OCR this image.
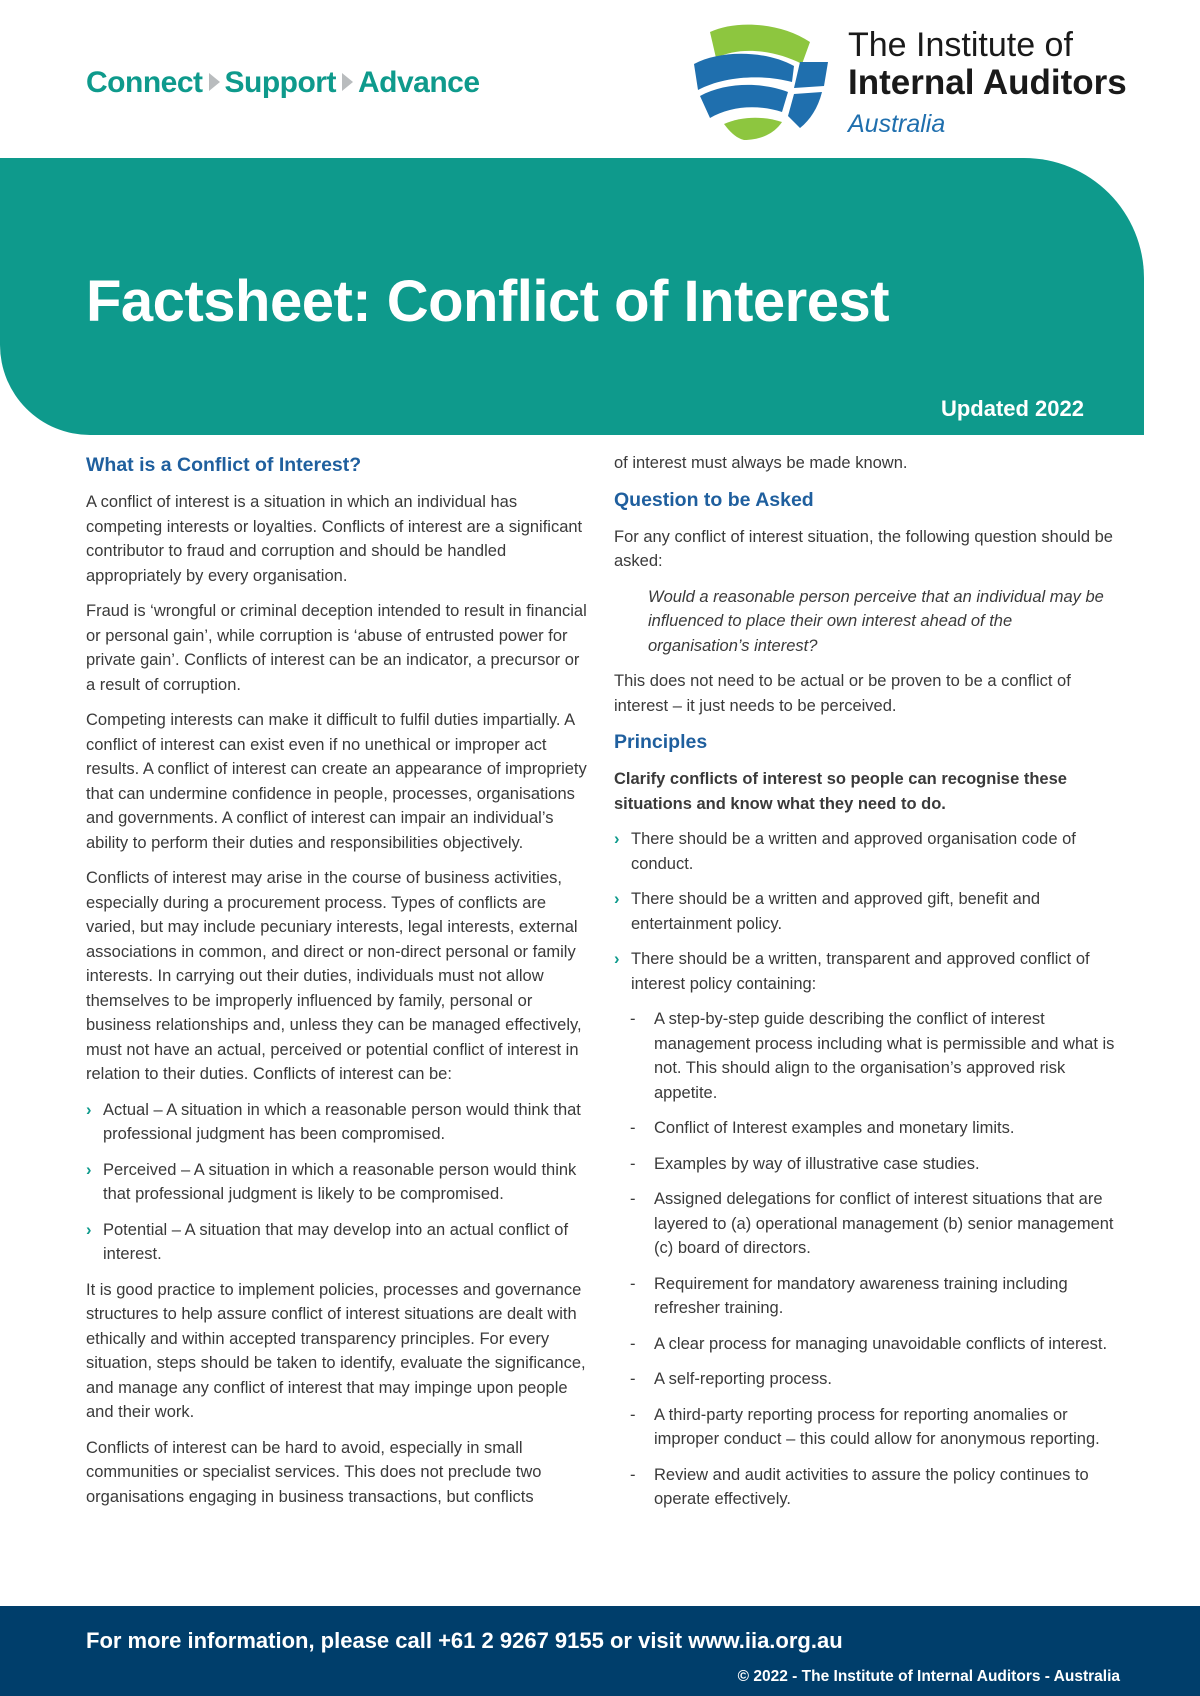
Connect Support Advance
The Institute of
Internal Auditors
Australia
Factsheet: Conflict of Interest
Updated 2022
What is a Conflict of Interest?

A conflict of interest is a situation in which an individual has competing interests or loyalties. Conflicts of interest are a significant contributor to fraud and corruption and should be handled appropriately by every organisation.

Fraud is ‘wrongful or criminal deception intended to result in financial or personal gain’, while corruption is ‘abuse of entrusted power for private gain’. Conflicts of interest can be an indicator, a precursor or a result of corruption.

Competing interests can make it difficult to fulfil duties impartially. A conflict of interest can exist even if no unethical or improper act results. A conflict of interest can create an appearance of impropriety that can undermine confidence in people, processes, organisations and governments. A conflict of interest can impair an individual’s ability to perform their duties and responsibilities objectively.

Conflicts of interest may arise in the course of business activities, especially during a procurement process. Types of conflicts are varied, but may include pecuniary interests, legal interests, external associations in common, and direct or non-direct personal or family interests. In carrying out their duties, individuals must not allow themselves to be improperly influenced by family, personal or business relationships and, unless they can be managed effectively, must not have an actual, perceived or potential conflict of interest in relation to their duties. Conflicts of interest can be:

› Actual – A situation in which a reasonable person would think that professional judgment has been compromised.
› Perceived – A situation in which a reasonable person would think that professional judgment is likely to be compromised.
› Potential – A situation that may develop into an actual conflict of interest.

It is good practice to implement policies, processes and governance structures to help assure conflict of interest situations are dealt with ethically and within accepted transparency principles. For every situation, steps should be taken to identify, evaluate the significance, and manage any conflict of interest that may impinge upon people and their work.

Conflicts of interest can be hard to avoid, especially in small communities or specialist services. This does not preclude two organisations engaging in business transactions, but conflicts

of interest must always be made known.

Question to be Asked

For any conflict of interest situation, the following question should be asked:

Would a reasonable person perceive that an individual may be influenced to place their own interest ahead of the organisation’s interest?

This does not need to be actual or be proven to be a conflict of interest – it just needs to be perceived.

Principles

Clarify conflicts of interest so people can recognise these situations and know what they need to do.

› There should be a written and approved organisation code of conduct.
› There should be a written and approved gift, benefit and entertainment policy.
› There should be a written, transparent and approved conflict of interest policy containing:
- A step-by-step guide describing the conflict of interest management process including what is permissible and what is not. This should align to the organisation’s approved risk appetite.
- Conflict of Interest examples and monetary limits.
- Examples by way of illustrative case studies.
- Assigned delegations for conflict of interest situations that are layered to (a) operational management (b) senior management (c) board of directors.
- Requirement for mandatory awareness training including refresher training.
- A clear process for managing unavoidable conflicts of interest.
- A self-reporting process.
- A third-party reporting process for reporting anomalies or improper conduct – this could allow for anonymous reporting.
- Review and audit activities to assure the policy continues to operate effectively.
For more information, please call +61 2 9267 9155 or visit www.iia.org.au
© 2022 - The Institute of Internal Auditors - Australia
